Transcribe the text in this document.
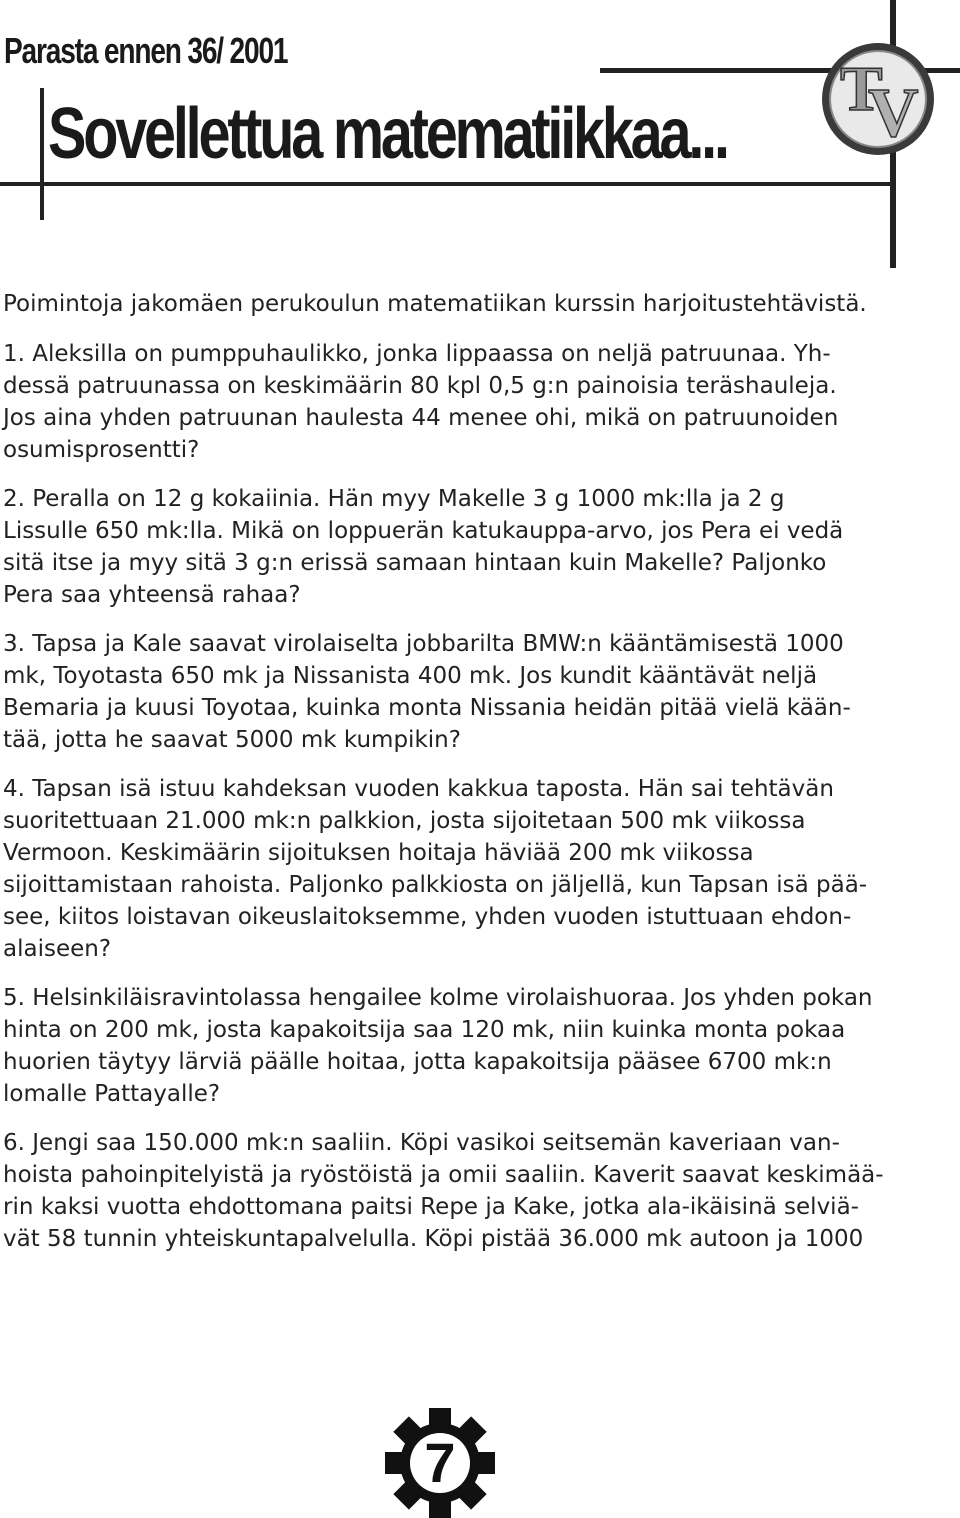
Parasta ennen 36/ 2001
Sovellettua matematiikkaa...
T
V

Poimintoja jakomäen perukoulun matematiikan kurssin harjoitustehtävistä.

1. Aleksilla on pumppuhaulikko, jonka lippaassa on neljä patruunaa. Yh-
dessä patruunassa on keskimäärin 80 kpl 0,5 g:n painoisia teräshauleja.
Jos aina yhden patruunan haulesta 44 menee ohi, mikä on patruunoiden
osumisprosentti?

2. Peralla on 12 g kokaiinia. Hän myy Makelle 3 g 1000 mk:lla ja 2 g
Lissulle 650 mk:lla. Mikä on loppuerän katukauppa-arvo, jos Pera ei vedä
sitä itse ja myy sitä 3 g:n erissä samaan hintaan kuin Makelle? Paljonko
Pera saa yhteensä rahaa?

3. Tapsa ja Kale saavat virolaiselta jobbarilta BMW:n kääntämisestä 1000
mk, Toyotasta 650 mk ja Nissanista 400 mk. Jos kundit kääntävät neljä
Bemaria ja kuusi Toyotaa, kuinka monta Nissania heidän pitää vielä kään-
tää, jotta he saavat 5000 mk kumpikin?

4. Tapsan isä istuu kahdeksan vuoden kakkua taposta. Hän sai tehtävän
suoritettuaan 21.000 mk:n palkkion, josta sijoitetaan 500 mk viikossa
Vermoon. Keskimäärin sijoituksen hoitaja häviää 200 mk viikossa
sijoittamistaan rahoista. Paljonko palkkiosta on jäljellä, kun Tapsan isä pää-
see, kiitos loistavan oikeuslaitoksemme, yhden vuoden istuttuaan ehdon-
alaiseen?

5. Helsinkiläisravintolassa hengailee kolme virolaishuoraa. Jos yhden pokan
hinta on 200 mk, josta kapakoitsija saa 120 mk, niin kuinka monta pokaa
huorien täytyy lärviä päälle hoitaa, jotta kapakoitsija pääsee 6700 mk:n
lomalle Pattayalle?

6. Jengi saa 150.000 mk:n saaliin. Köpi vasikoi seitsemän kaveriaan van-
hoista pahoinpitelyistä ja ryöstöistä ja omii saaliin. Kaverit saavat keskimää-
rin kaksi vuotta ehdottomana paitsi Repe ja Kake, jotka ala-ikäisinä selviä-
vät 58 tunnin yhteiskuntapalvelulla. Köpi pistää 36.000 mk autoon ja 1000

7
